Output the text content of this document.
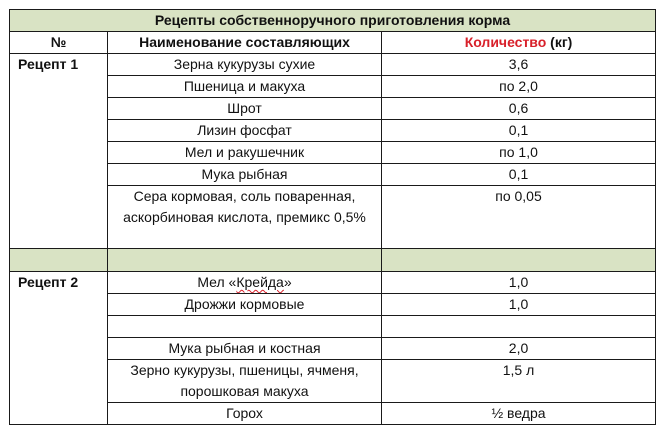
Рецепты собственноручного приготовления корма		
№	Наименование составляющих	Количество (кг)
Рецепт 1	Зерна кукурузы сухие	3,6
	Пшеница и макуха	по 2,0
	Шрот	0,6
	Лизин фосфат	0,1
	Мел и ракушечник	по 1,0
	Мука рыбная	0,1
	Сера кормовая, соль поваренная, аскорбиновая кислота, премикс 0,5%	по 0,05

Рецепт 2	Мел «Крейда»	1,0
	Дрожжи кормовые	1,0

	Мука рыбная и костная	2,0
	Зерно кукурузы, пшеницы, ячменя, порошковая макуха	1,5 л
	Горох	½ ведра
